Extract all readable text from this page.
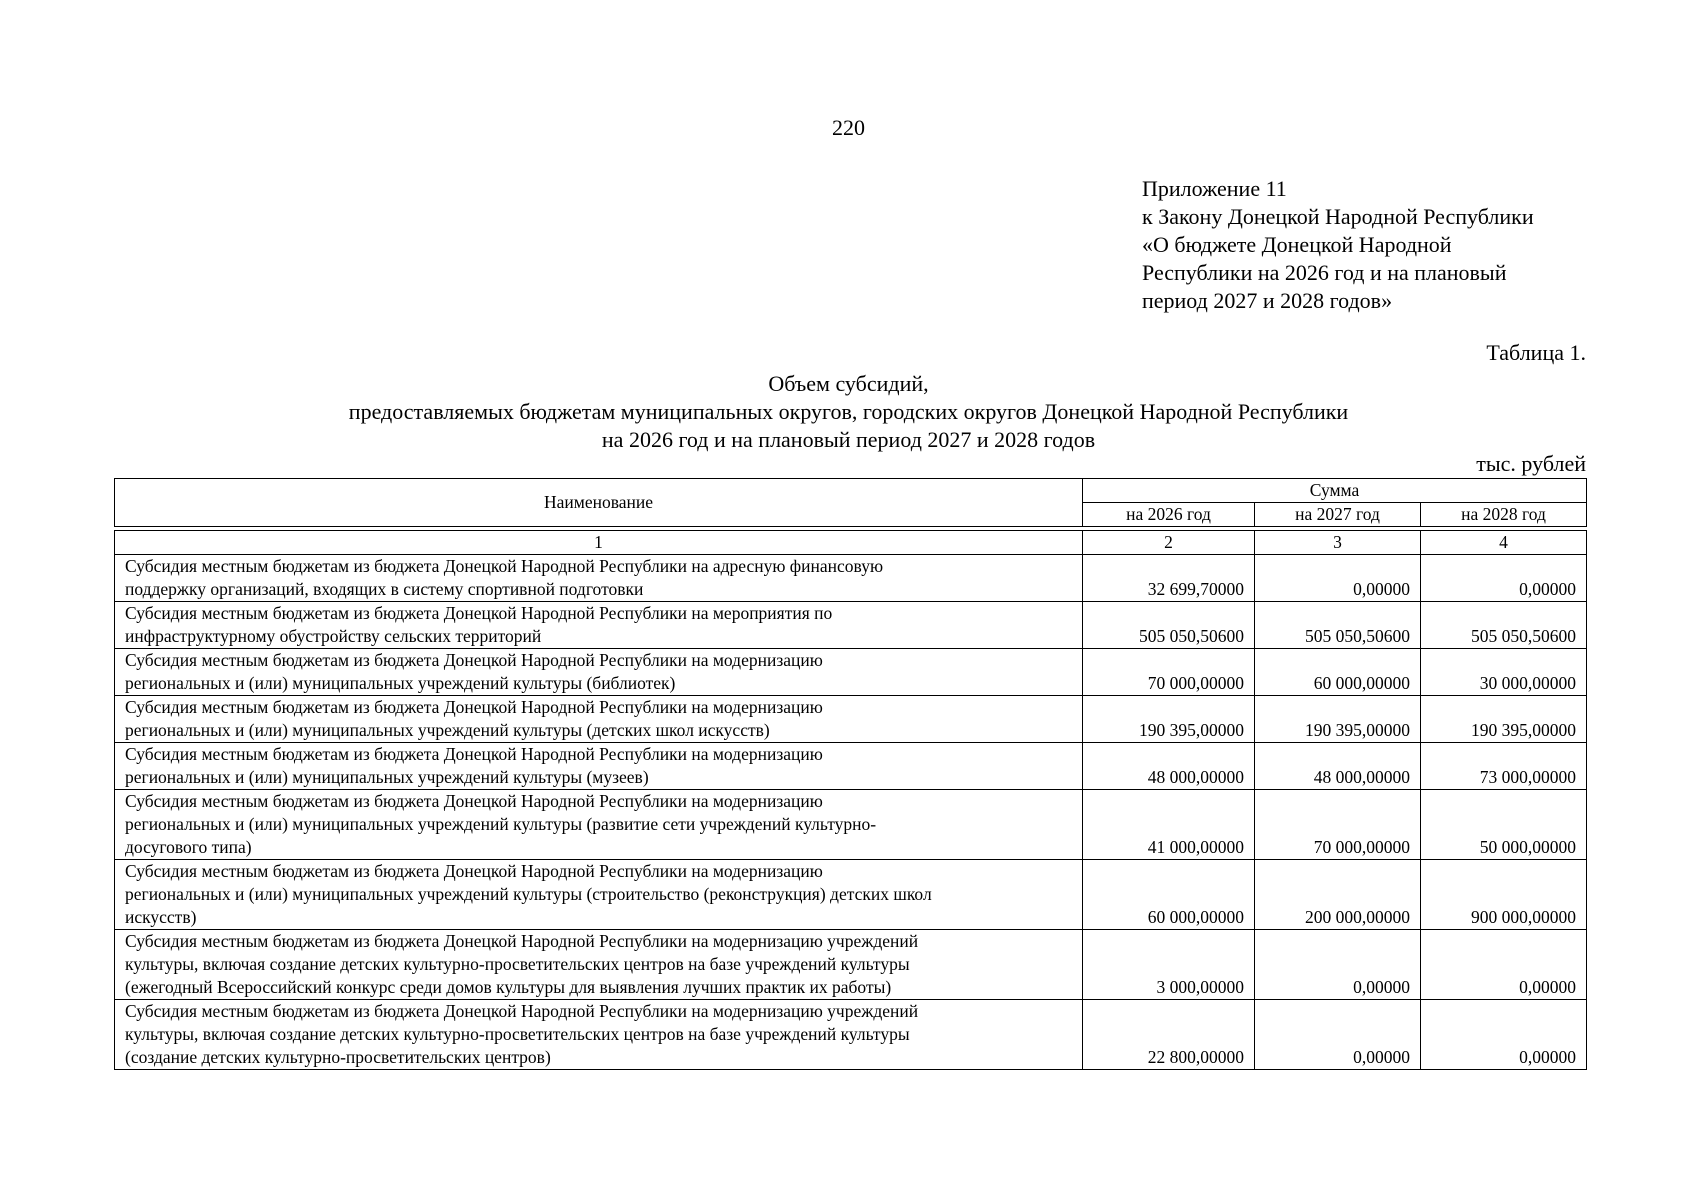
220
Приложение 11
к Закону Донецкой Народной Республики
«О бюджете Донецкой Народной
Республики на 2026 год и на плановый
период 2027 и 2028 годов»
Таблица 1.
Объем субсидий,
предоставляемых бюджетам муниципальных округов, городских округов Донецкой Народной Республики
на 2026 год и на плановый период 2027 и 2028 годов
тыс. рублей
Наименование	Сумма		
	на 2026 год	на 2027 год	на 2028 год

1	2	3	4

Субсидия местным бюджетам из бюджета Донецкой Народной Республики на адресную финансовую
поддержку организаций, входящих в систему спортивной подготовки	32 699,70000	0,00000	0,00000

Субсидия местным бюджетам из бюджета Донецкой Народной Республики на мероприятия по
инфраструктурному обустройству сельских территорий	505 050,50600	505 050,50600	505 050,50600

Субсидия местным бюджетам из бюджета Донецкой Народной Республики на модернизацию
региональных и (или) муниципальных учреждений культуры (библиотек)	70 000,00000	60 000,00000	30 000,00000

Субсидия местным бюджетам из бюджета Донецкой Народной Республики на модернизацию
региональных и (или) муниципальных учреждений культуры (детских школ искусств)	190 395,00000	190 395,00000	190 395,00000

Субсидия местным бюджетам из бюджета Донецкой Народной Республики на модернизацию
региональных и (или) муниципальных учреждений культуры (музеев)	48 000,00000	48 000,00000	73 000,00000

Субсидия местным бюджетам из бюджета Донецкой Народной Республики на модернизацию
региональных и (или) муниципальных учреждений культуры (развитие сети учреждений культурно-
досугового типа)	41 000,00000	70 000,00000	50 000,00000

Субсидия местным бюджетам из бюджета Донецкой Народной Республики на модернизацию
региональных и (или) муниципальных учреждений культуры (строительство (реконструкция) детских школ
искусств)	60 000,00000	200 000,00000	900 000,00000

Субсидия местным бюджетам из бюджета Донецкой Народной Республики на модернизацию учреждений
культуры, включая создание детских культурно-просветительских центров на базе учреждений культуры
(ежегодный Всероссийский конкурс среди домов культуры для выявления лучших практик их работы)	3 000,00000	0,00000	0,00000

Субсидия местным бюджетам из бюджета Донецкой Народной Республики на модернизацию учреждений
культуры, включая создание детских культурно-просветительских центров на базе учреждений культуры
(создание детских культурно-просветительских центров)	22 800,00000	0,00000	0,00000
